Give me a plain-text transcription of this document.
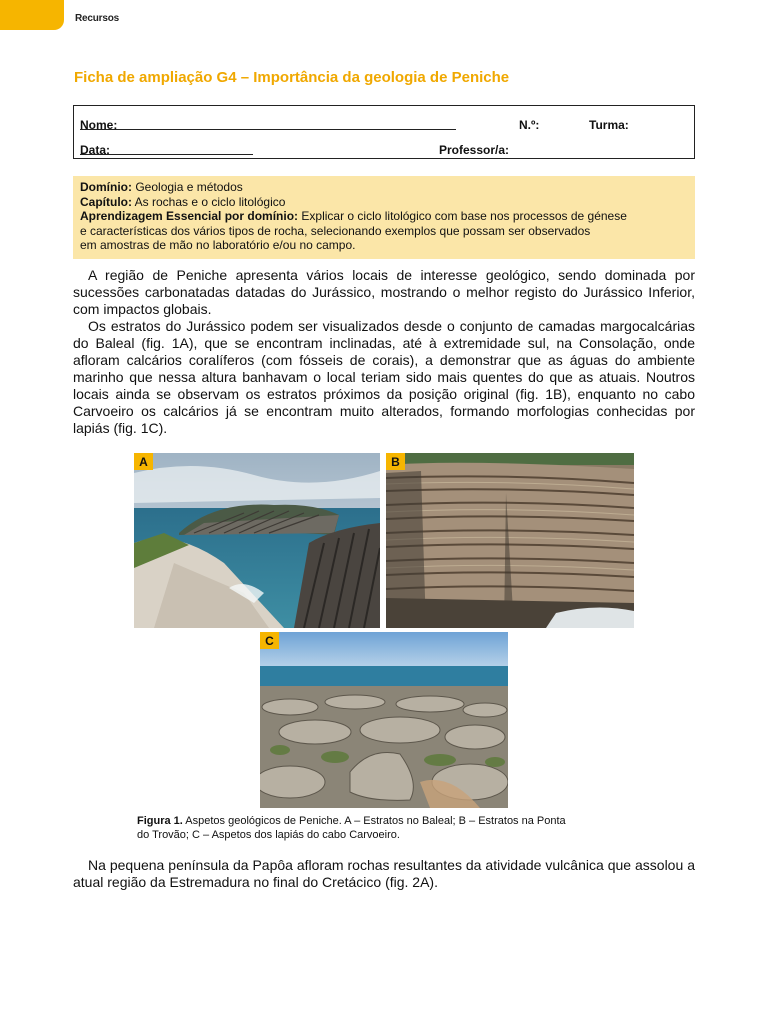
Recursos
Ficha de ampliação G4 – Importância da geologia de Peniche
Nome:	N.º:	Turma:
Data:	Professor/a:
Domínio: Geologia e métodos
Capítulo: As rochas e o ciclo litológico
Aprendizagem Essencial por domínio: Explicar o ciclo litológico com base nos processos de génese
e características dos vários tipos de rocha, selecionando exemplos que possam ser observados
em amostras de mão no laboratório e/ou no campo.

A região de Peniche apresenta vários locais de interesse geológico, sendo dominada por sucessões carbonatadas datadas do Jurássico, mostrando o melhor registo do Jurássico Inferior, com impactos globais.

Os estratos do Jurássico podem ser visualizados desde o conjunto de camadas margocalcárias do Baleal (fig. 1A), que se encontram inclinadas, até à extremidade sul, na Consolação, onde afloram calcários coralíferos (com fósseis de corais), a demonstrar que as águas do ambiente marinho que nessa altura banhavam o local teriam sido mais quentes do que as atuais. Noutros locais ainda se observam os estratos próximos da posição original (fig. 1B), enquanto no cabo Carvoeiro os calcários já se encontram muito alterados, formando morfologias conhecidas por lapiás (fig. 1C).

A	B
C
Figura 1. Aspetos geológicos de Peniche. A – Estratos no Baleal; B – Estratos na Ponta
do Trovão; C – Aspetos dos lapiás do cabo Carvoeiro.

Na pequena península da Papôa afloram rochas resultantes da atividade vulcânica que assolou a atual região da Estremadura no final do Cretácico (fig. 2A).
